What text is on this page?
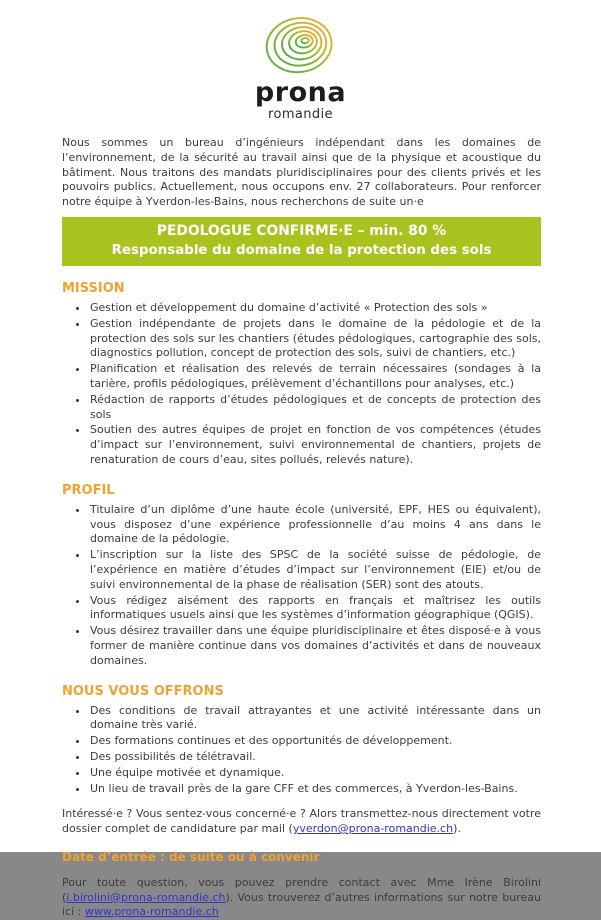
prona
romandie

Nous sommes un bureau d’ingénieurs indépendant dans les domaines de l’environnement, de la sécurité au travail ainsi que de la physique et acoustique du bâtiment. Nous traitons des mandats pluridisciplinaires pour des clients privés et les pouvoirs publics. Actuellement, nous occupons env. 27 collaborateurs. Pour renforcer notre équipe à Yverdon-les-Bains, nous recherchons de suite un·e

PEDOLOGUE CONFIRME·E – min. 80 %
Responsable du domaine de la protection des sols
MISSION
• Gestion et développement du domaine d’activité « Protection des sols »
• Gestion indépendante de projets dans le domaine de la pédologie et de la protection des sols sur les chantiers (études pédologiques, cartographie des sols, diagnostics pollution, concept de protection des sols, suivi de chantiers, etc.)
• Planification et réalisation des relevés de terrain nécessaires (sondages à la tarière, profils pédologiques, prélèvement d’échantillons pour analyses, etc.)
• Rédaction de rapports d’études pédologiques et de concepts de protection des sols
• Soutien des autres équipes de projet en fonction de vos compétences (études d’impact sur l’environnement, suivi environnemental de chantiers, projets de renaturation de cours d’eau, sites pollués, relevés nature).
PROFIL
• Titulaire d’un diplôme d’une haute école (université, EPF, HES ou équivalent), vous disposez d’une expérience professionnelle d’au moins 4 ans dans le domaine de la pédologie.
• L’inscription sur la liste des SPSC de la société suisse de pédologie, de l’expérience en matière d’études d’impact sur l’environnement (EIE) et/ou de suivi environnemental de la phase de réalisation (SER) sont des atouts.
• Vous rédigez aisément des rapports en français et maîtrisez les outils informatiques usuels ainsi que les systèmes d’information géographique (QGIS).
• Vous désirez travailler dans une équipe pluridisciplinaire et êtes disposé·e à vous former de manière continue dans vos domaines d’activités et dans de nouveaux domaines.
NOUS VOUS OFFRONS
• Des conditions de travail attrayantes et une activité intéressante dans un domaine très varié.
• Des formations continues et des opportunités de développement.
• Des possibilités de télétravail.
• Une équipe motivée et dynamique.
• Un lieu de travail près de la gare CFF et des commerces, à Yverdon-les-Bains.

Intéressé·e ? Vous sentez-vous concerné·e ? Alors transmettez-nous directement votre dossier complet de candidature par mail (yverdon@prona-romandie.ch).

Date d’entrée : de suite ou à convenir

Pour toute question, vous pouvez prendre contact avec Mme Irène Birolini (i.birolini@prona-romandie.ch). Vous trouverez d’autres informations sur notre bureau ici : www.prona-romandie.ch
